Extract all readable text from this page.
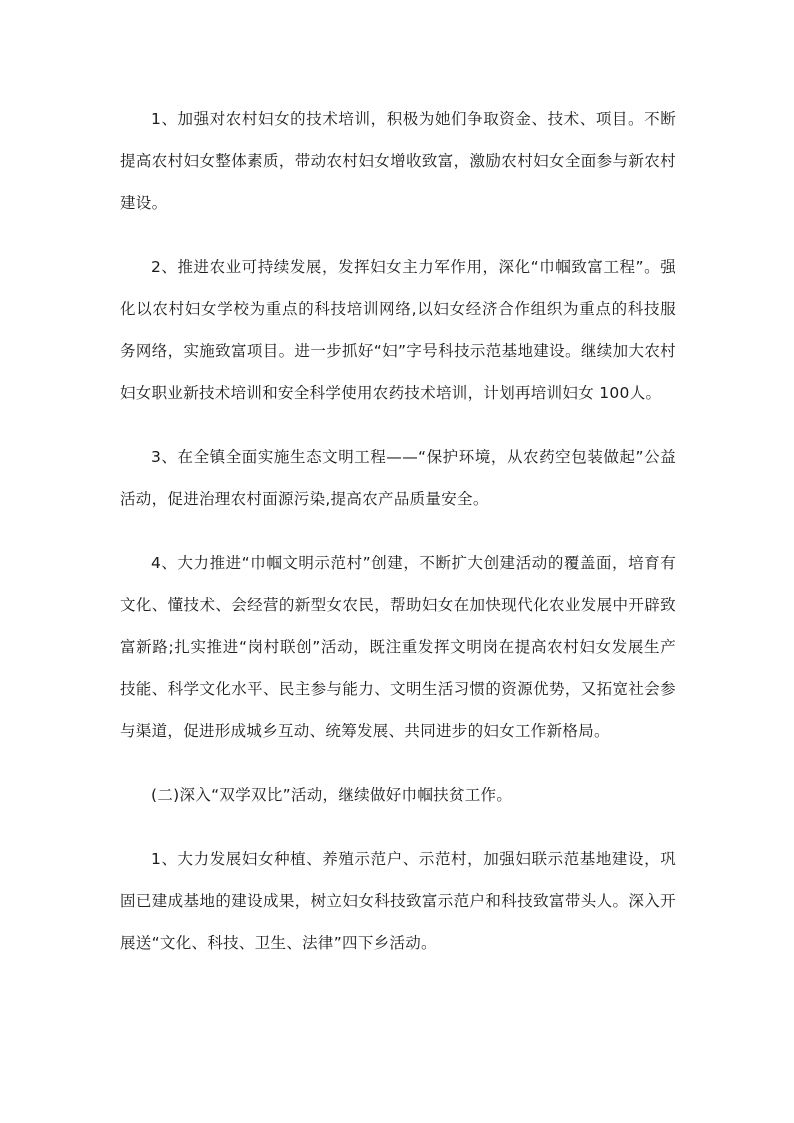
1、加强对农村妇女的技术培训，积极为她们争取资金、技术、项目。不断提高农村妇女整体素质，带动农村妇女增收致富，激励农村妇女全面参与新农村建设。

2、推进农业可持续发展，发挥妇女主力军作用，深化“巾帼致富工程”。强化以农村妇女学校为重点的科技培训网络,以妇女经济合作组织为重点的科技服务网络，实施致富项目。进一步抓好“妇”字号科技示范基地建设。继续加大农村妇女职业新技术培训和安全科学使用农药技术培训，计划再培训妇女 100人。

3、在全镇全面实施生态文明工程——“保护环境，从农药空包装做起”公益活动，促进治理农村面源污染,提高农产品质量安全。

4、大力推进“巾帼文明示范村”创建，不断扩大创建活动的覆盖面，培育有文化、懂技术、会经营的新型女农民，帮助妇女在加快现代化农业发展中开辟致富新路;扎实推进“岗村联创”活动，既注重发挥文明岗在提高农村妇女发展生产技能、科学文化水平、民主参与能力、文明生活习惯的资源优势，又拓宽社会参与渠道，促进形成城乡互动、统筹发展、共同进步的妇女工作新格局。

(二)深入“双学双比”活动，继续做好巾帼扶贫工作。

1、大力发展妇女种植、养殖示范户、示范村，加强妇联示范基地建设，巩固已建成基地的建设成果，树立妇女科技致富示范户和科技致富带头人。深入开展送“文化、科技、卫生、法律”四下乡活动。
